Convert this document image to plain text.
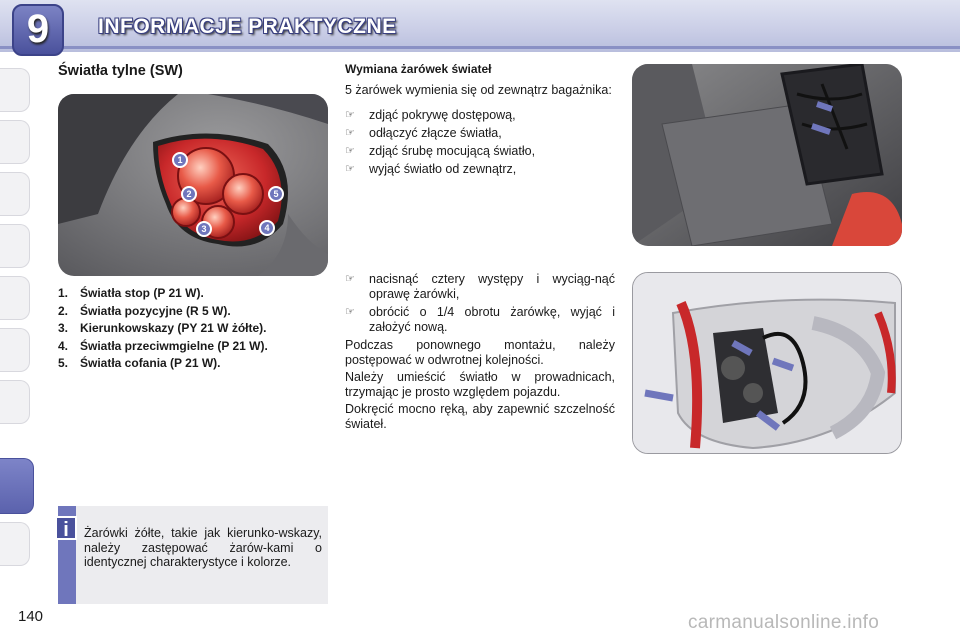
9	INFORMACJE PRAKTYCZNE
Światła tylne (SW)
1
2
3	4
5
1. Światła stop (P 21 W).
2. Światła pozycyjne (R 5 W).
3. Kierunkowskazy (PY 21 W żółte).
4. Światła przeciwmgielne (P 21 W).
5. Światła cofania (P 21 W).
Wymiana żarówek świateł
5 żarówek wymienia się od zewnątrz bagażnika:
☞	zdjąć pokrywę dostępową,
☞	odłączyć złącze światła,
☞	zdjąć śrubę mocującą światło,
☞	wyjąć światło od zewnątrz,
☞	nacisnąć cztery występy i wyciąg-nąć oprawę żarówki,
☞	obrócić o 1/4 obrotu żarówkę, wyjąć i założyć nową.
Podczas ponownego montażu, należy postępować w odwrotnej kolejności.
Należy umieścić światło w prowadnicach, trzymając je prosto względem pojazdu.
Dokręcić mocno ręką, aby zapewnić szczelność świateł.
i	Żarówki żółte, takie jak kierunko-wskazy, należy zastępować żarów-kami o identycznej charakterystyce i kolorze.
140	carmanualsonline.info
